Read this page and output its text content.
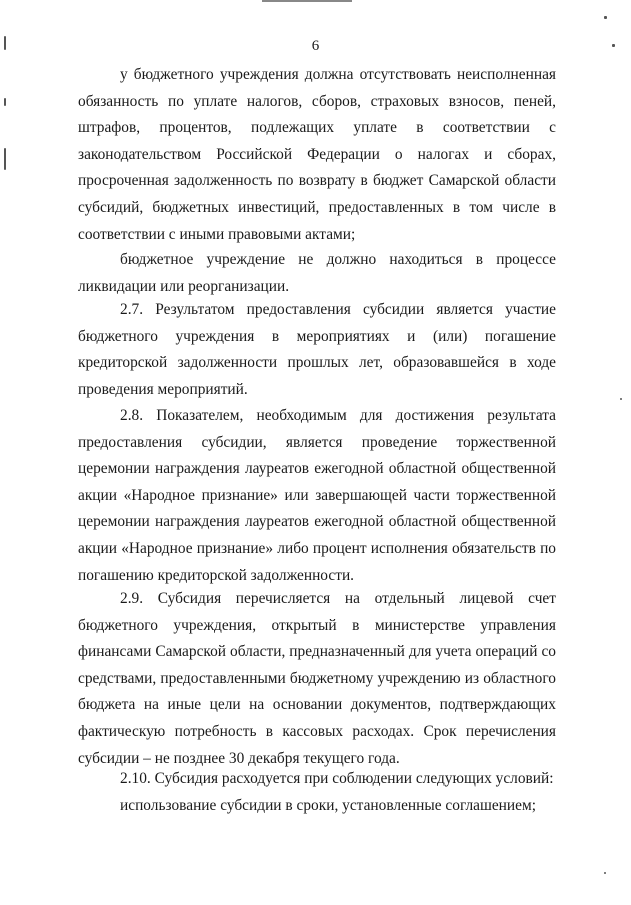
6

у бюджетного учреждения должна отсутствовать неисполненная обязанность по уплате налогов, сборов, страховых взносов, пеней, штрафов, процентов, подлежащих уплате в соответствии с законодательством Российской Федерации о налогах и сборах, просроченная задолженность по возврату в бюджет Самарской области субсидий, бюджетных инвестиций, предоставленных в том числе в соответствии с иными правовыми актами;

бюджетное учреждение не должно находиться в процессе ликвидации или реорганизации.

2.7. Результатом предоставления субсидии является участие бюджетного учреждения в мероприятиях и (или) погашение кредиторской задолженности прошлых лет, образовавшейся в ходе проведения мероприятий.

2.8. Показателем, необходимым для достижения результата предоставления субсидии, является проведение торжественной церемонии награждения лауреатов ежегодной областной общественной акции «Народное признание» или завершающей части торжественной церемонии награждения лауреатов ежегодной областной общественной акции «Народное признание» либо процент исполнения обязательств по погашению кредиторской задолженности.

2.9. Субсидия перечисляется на отдельный лицевой счет бюджетного учреждения, открытый в министерстве управления финансами Самарской области, предназначенный для учета операций со средствами, предоставленными бюджетному учреждению из областного бюджета на иные цели на основании документов, подтверждающих фактическую потребность в кассовых расходах. Срок перечисления субсидии – не позднее 30 декабря текущего года.

2.10. Субсидия расходуется при соблюдении следующих условий:

использование субсидии в сроки, установленные соглашением;
